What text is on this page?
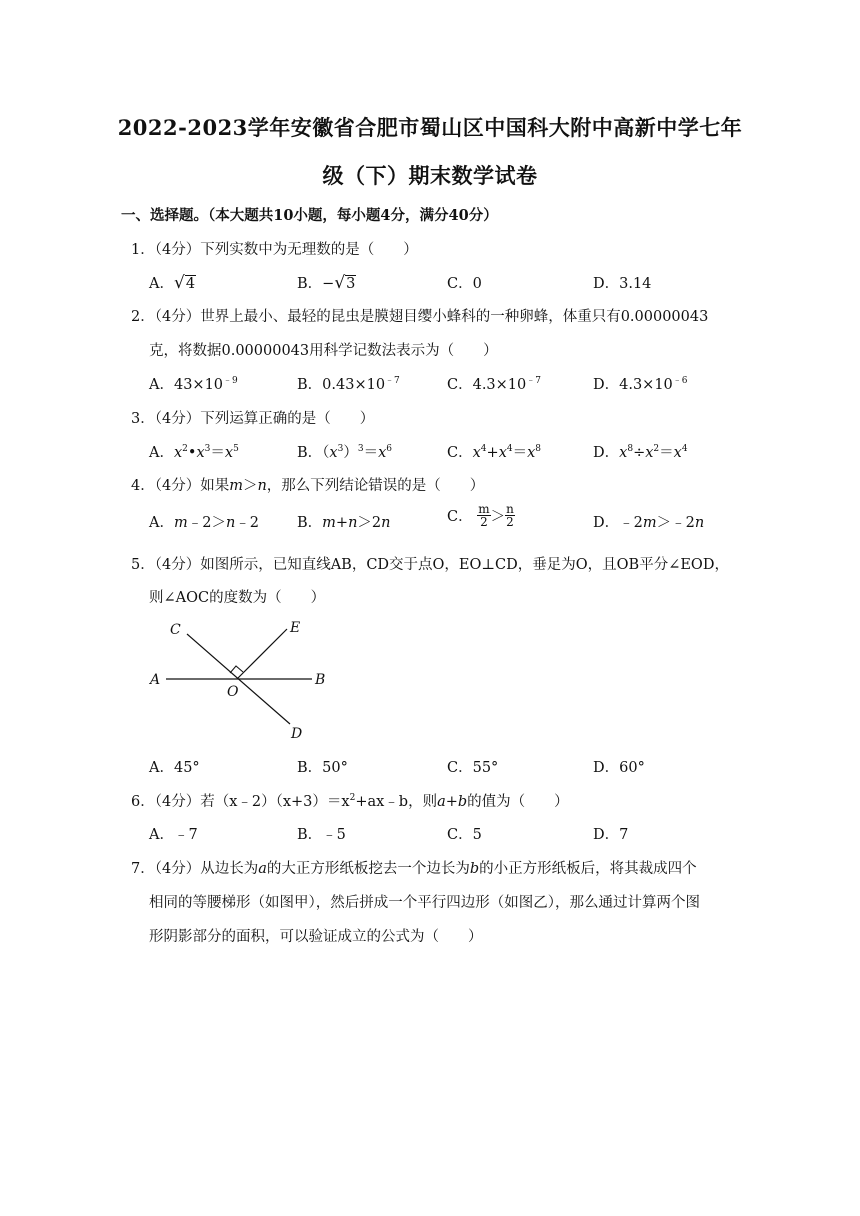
2022-2023学年安徽省合肥市蜀山区中国科大附中高新中学七年
级（下）期末数学试卷
一、选择题。（本大题共10小题，每小题4分，满分40分）
1．（4分）下列实数中为无理数的是（　　）
A．√4	B．−√3	C．0	D．3.14
2．（4分）世界上最小、最轻的昆虫是膜翅目缨小蜂科的一种卵蜂，体重只有0.00000043
克，将数据0.00000043用科学记数法表示为（　　）
A．$43\times 10^{﹣9}$	B．$0.43\times 10^{﹣7}$	C．$4.3\times 10^{﹣7}$	D．$4.3\times 10^{﹣6}$
3．（4分）下列运算正确的是（　　）
A．$x^2•x^3=x^5$	B．$(x^3)^3=x^6$	C．$x^4+x^4=x^8$	D．$x^8\div x^2=x^4$
4．（4分）如果m＞n，那么下列结论错误的是（　　）
A．m﹣2＞n﹣2	B．m+n＞2n	C． $\frac{m}{2} > \frac{n}{2}$	D．﹣2m＞﹣2n
5．（4分）如图所示，已知直线AB，CD交于点O，EO⊥CD，垂足为O，且OB平分∠EOD，
则∠AOC的度数为（　　）
C	E
A
O
B
D
A．45°	B．50°	C．55°	D．60°
6．（4分）若$(x﹣2)(x+3)=x^2+ax﹣b$，则a+b的值为（　　）
A．﹣7	B．﹣5	C．5	D．7
7．（4分）从边长为a的大正方形纸板挖去一个边长为b的小正方形纸板后，将其裁成四个
相同的等腰梯形（如图甲），然后拼成一个平行四边形（如图乙），那么通过计算两个图
形阴影部分的面积，可以验证成立的公式为（　　）
